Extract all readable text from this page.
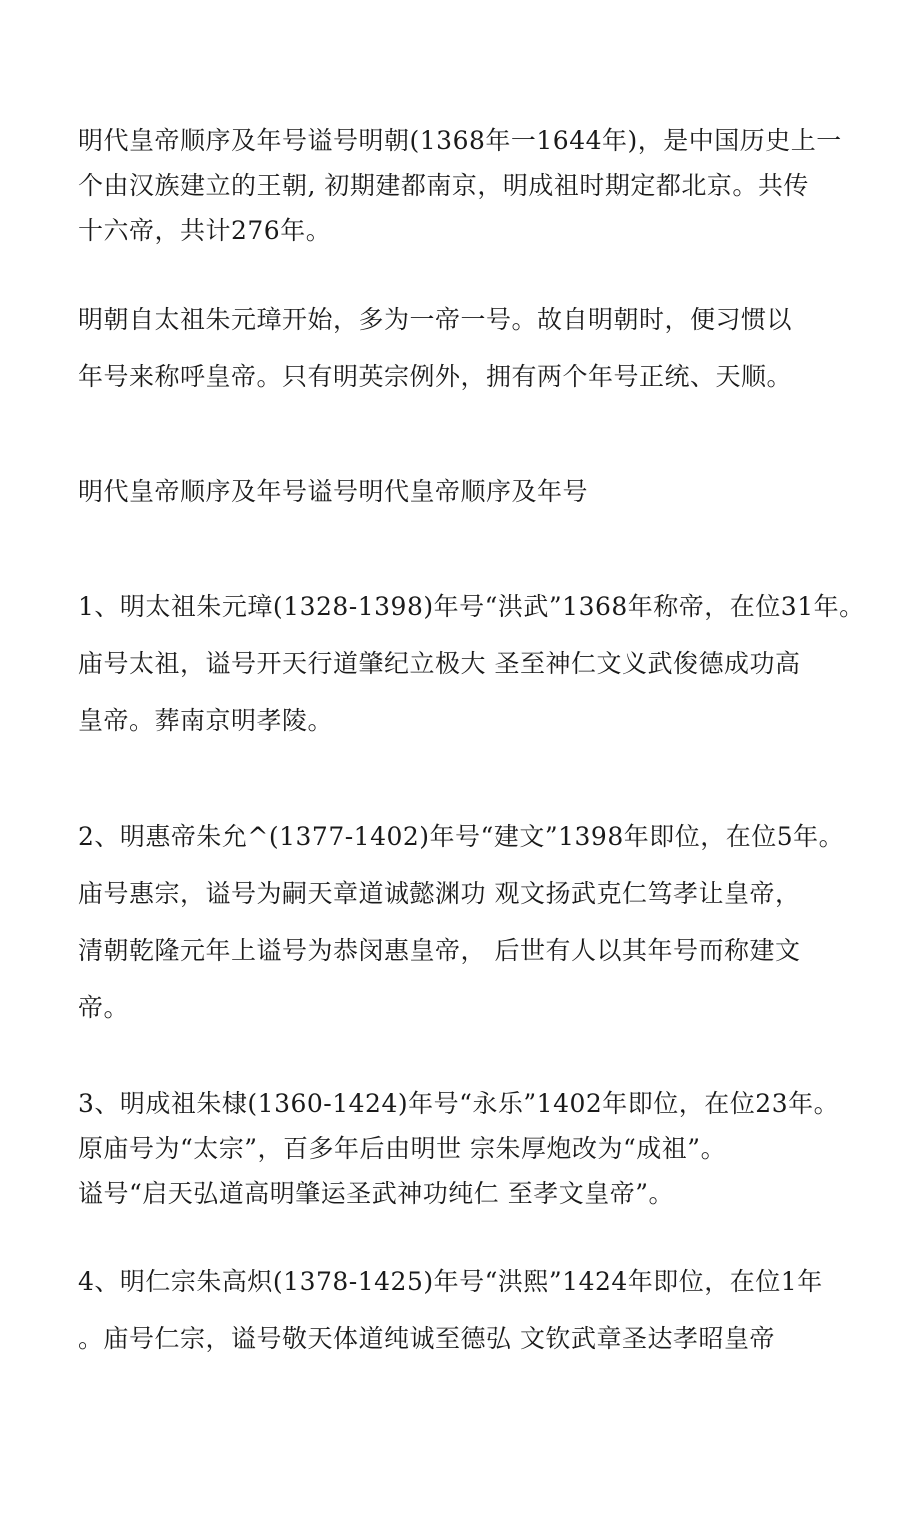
明代皇帝顺序及年号谥号明朝(1368年一1644年)，是中国历史上一
个由汉族建立的王朝, 初期建都南京，明成祖时期定都北京。共传
十六帝，共计276年。

明朝自太祖朱元璋开始，多为一帝一号。故自明朝时，便习惯以
年号来称呼皇帝。只有明英宗例外，拥有两个年号正统、天顺。

明代皇帝顺序及年号谥号明代皇帝顺序及年号

1、明太祖朱元璋(1328-1398)年号“洪武”1368年称帝，在位31年。
庙号太祖，谥号开天行道肇纪立极大 圣至神仁文义武俊德成功高
皇帝。葬南京明孝陵。

2、明惠帝朱允^(1377-1402)年号“建文”1398年即位，在位5年。
庙号惠宗，谥号为嗣天章道诚懿渊功 观文扬武克仁笃孝让皇帝，
清朝乾隆元年上谥号为恭闵惠皇帝， 后世有人以其年号而称建文
帝。

3、明成祖朱棣(1360-1424)年号“永乐”1402年即位，在位23年。
原庙号为“太宗”，百多年后由明世 宗朱厚炮改为“成祖”。
谥号“启天弘道高明肇运圣武神功纯仁 至孝文皇帝”。

4、明仁宗朱高炽(1378-1425)年号“洪熙”1424年即位，在位1年
。庙号仁宗，谥号敬天体道纯诚至德弘 文钦武章圣达孝昭皇帝
